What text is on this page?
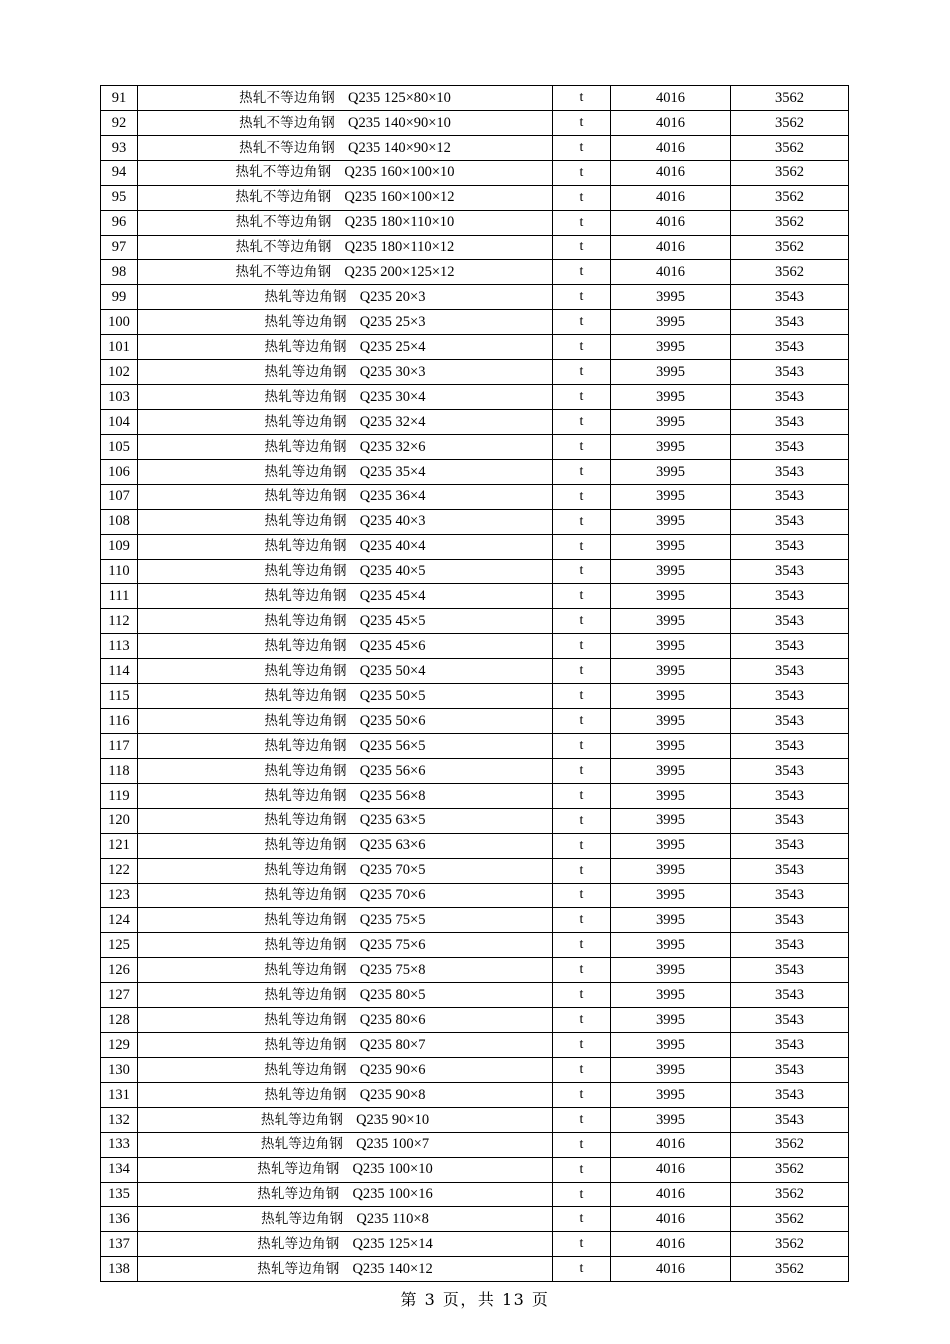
91	热轧不等边角钢 Q235 125×80×10	t	4016	3562
92	热轧不等边角钢 Q235 140×90×10	t	4016	3562
93	热轧不等边角钢 Q235 140×90×12	t	4016	3562
94	热轧不等边角钢 Q235 160×100×10	t	4016	3562
95	热轧不等边角钢 Q235 160×100×12	t	4016	3562
96	热轧不等边角钢 Q235 180×110×10	t	4016	3562
97	热轧不等边角钢 Q235 180×110×12	t	4016	3562
98	热轧不等边角钢 Q235 200×125×12	t	4016	3562
99	热轧等边角钢 Q235 20×3	t	3995	3543
100	热轧等边角钢 Q235 25×3	t	3995	3543
101	热轧等边角钢 Q235 25×4	t	3995	3543
102	热轧等边角钢 Q235 30×3	t	3995	3543
103	热轧等边角钢 Q235 30×4	t	3995	3543
104	热轧等边角钢 Q235 32×4	t	3995	3543
105	热轧等边角钢 Q235 32×6	t	3995	3543
106	热轧等边角钢 Q235 35×4	t	3995	3543
107	热轧等边角钢 Q235 36×4	t	3995	3543
108	热轧等边角钢 Q235 40×3	t	3995	3543
109	热轧等边角钢 Q235 40×4	t	3995	3543
110	热轧等边角钢 Q235 40×5	t	3995	3543
111	热轧等边角钢 Q235 45×4	t	3995	3543
112	热轧等边角钢 Q235 45×5	t	3995	3543
113	热轧等边角钢 Q235 45×6	t	3995	3543
114	热轧等边角钢 Q235 50×4	t	3995	3543
115	热轧等边角钢 Q235 50×5	t	3995	3543
116	热轧等边角钢 Q235 50×6	t	3995	3543
117	热轧等边角钢 Q235 56×5	t	3995	3543
118	热轧等边角钢 Q235 56×6	t	3995	3543
119	热轧等边角钢 Q235 56×8	t	3995	3543
120	热轧等边角钢 Q235 63×5	t	3995	3543
121	热轧等边角钢 Q235 63×6	t	3995	3543
122	热轧等边角钢 Q235 70×5	t	3995	3543
123	热轧等边角钢 Q235 70×6	t	3995	3543
124	热轧等边角钢 Q235 75×5	t	3995	3543
125	热轧等边角钢 Q235 75×6	t	3995	3543
126	热轧等边角钢 Q235 75×8	t	3995	3543
127	热轧等边角钢 Q235 80×5	t	3995	3543
128	热轧等边角钢 Q235 80×6	t	3995	3543
129	热轧等边角钢 Q235 80×7	t	3995	3543
130	热轧等边角钢 Q235 90×6	t	3995	3543
131	热轧等边角钢 Q235 90×8	t	3995	3543
132	热轧等边角钢 Q235 90×10	t	3995	3543
133	热轧等边角钢 Q235 100×7	t	4016	3562
134	热轧等边角钢 Q235 100×10	t	4016	3562
135	热轧等边角钢 Q235 100×16	t	4016	3562
136	热轧等边角钢 Q235 110×8	t	4016	3562
137	热轧等边角钢 Q235 125×14	t	4016	3562
138	热轧等边角钢 Q235 140×12	t	4016	3562
第 3 页，共 13 页
